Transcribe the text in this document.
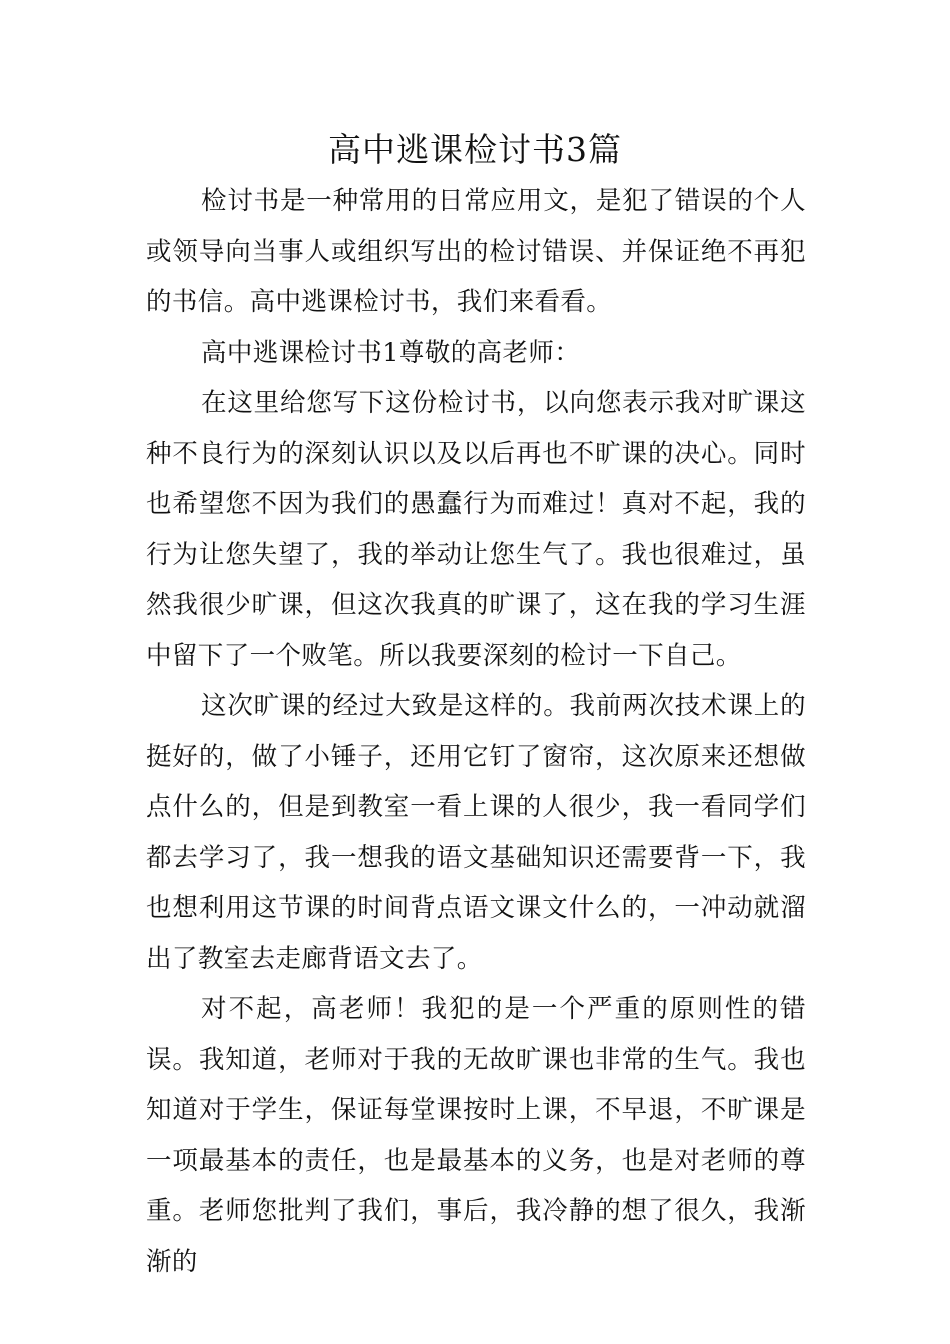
高中逃课检讨书3篇

检讨书是一种常用的日常应用文，是犯了错误的个人或领导向当事人或组织写出的检讨错误、并保证绝不再犯的书信。高中逃课检讨书，我们来看看。

高中逃课检讨书1尊敬的高老师：

在这里给您写下这份检讨书，以向您表示我对旷课这种不良行为的深刻认识以及以后再也不旷课的决心。同时也希望您不因为我们的愚蠢行为而难过！真对不起，我的行为让您失望了，我的举动让您生气了。我也很难过，虽然我很少旷课，但这次我真的旷课了，这在我的学习生涯中留下了一个败笔。所以我要深刻的检讨一下自己。

这次旷课的经过大致是这样的。我前两次技术课上的挺好的，做了小锤子，还用它钉了窗帘，这次原来还想做点什么的，但是到教室一看上课的人很少，我一看同学们都去学习了，我一想我的语文基础知识还需要背一下，我也想利用这节课的时间背点语文课文什么的，一冲动就溜出了教室去走廊背语文去了。

对不起，高老师！我犯的是一个严重的原则性的错误。我知道，老师对于我的无故旷课也非常的生气。我也知道对于学生，保证每堂课按时上课，不早退，不旷课是一项最基本的责任，也是最基本的义务，也是对老师的尊重。老师您批判了我们，事后，我冷静的想了很久，我渐渐的
